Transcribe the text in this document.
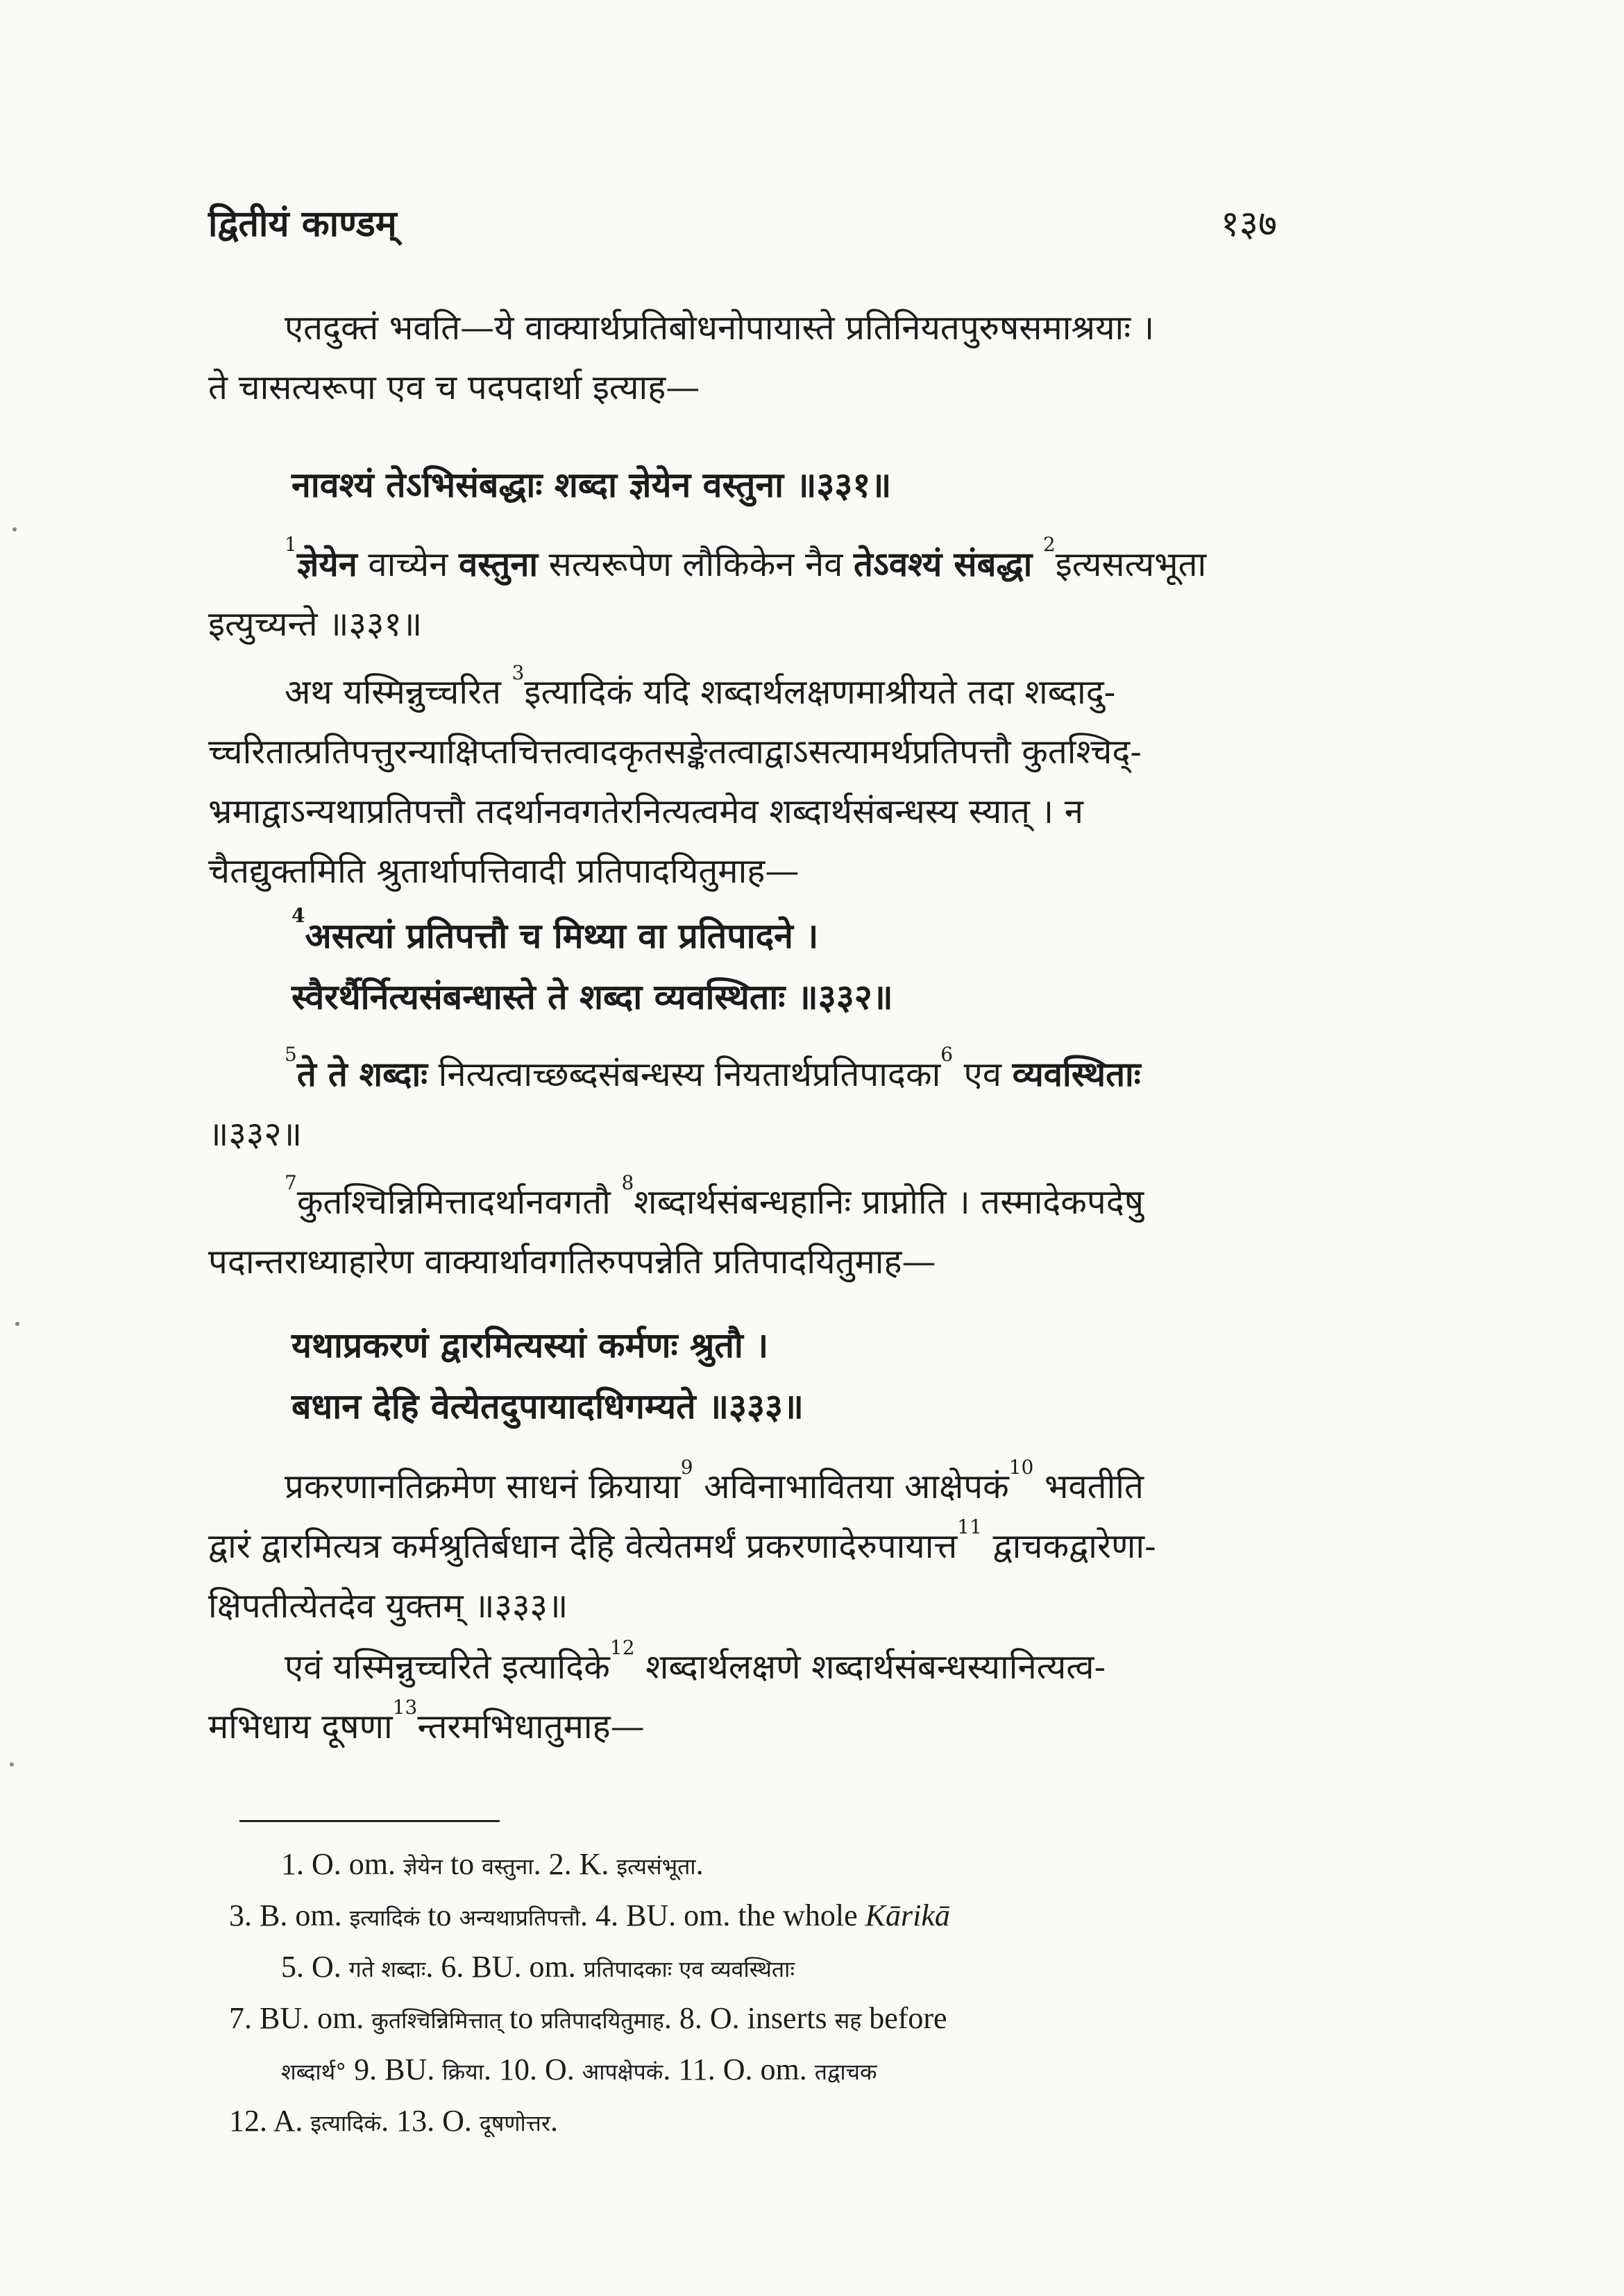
द्वितीयं काण्डम्	१३७
एतदुक्तं भवति—ये वाक्यार्थप्रतिबोधनोपायास्ते प्रतिनियतपुरुषसमाश्रयाः ।
ते चासत्यरूपा एव च पदपदार्था इत्याह—
नावश्यं तेऽभिसंबद्धाः शब्दा ज्ञेयेन वस्तुना ॥३३१॥
$^1$ज्ञेयेन वाच्येन वस्तुना सत्यरूपेण लौकिकेन नैव तेऽवश्यं संबद्धा $^2$इत्यसत्यभूता
इत्युच्यन्ते ॥३३१॥
अथ यस्मिन्नुच्चरित $^3$इत्यादिकं यदि शब्दार्थलक्षणमाश्रीयते तदा शब्दादु-
च्चरितात्प्रतिपत्तुरन्याक्षिप्तचित्तत्वादकृतसङ्केतत्वाद्वाऽसत्यामर्थप्रतिपत्तौ कुतश्चिद्-
भ्रमाद्वाऽन्यथाप्रतिपत्तौ तदर्थानवगतेरनित्यत्वमेव शब्दार्थसंबन्धस्य स्यात् । न
चैतद्युक्तमिति श्रुतार्थापत्तिवादी प्रतिपादयितुमाह—
$^4$असत्यां प्रतिपत्तौ च मिथ्या वा प्रतिपादने ।
स्वैरर्थैर्नित्यसंबन्धास्ते ते शब्दा व्यवस्थिताः ॥३३२॥
$^5$ते ते शब्दाः नित्यत्वाच्छब्दसंबन्धस्य नियतार्थप्रतिपादका$^6$ एव व्यवस्थिताः
॥३३२॥
$^7$कुतश्चिन्निमित्तादर्थानवगतौ $^8$शब्दार्थसंबन्धहानिः प्राप्नोति । तस्मादेकपदेषु
पदान्तराध्याहारेण वाक्यार्थावगतिरुपपन्नेति प्रतिपादयितुमाह—
यथाप्रकरणं द्वारमित्यस्यां कर्मणः श्रुतौ ।
बधान देहि वेत्येतदुपायादधिगम्यते ॥३३३॥
प्रकरणानतिक्रमेण साधनं क्रियाया$^9$ अविनाभावितया आक्षेपकं$^{10}$ भवतीति
द्वारं द्वारमित्यत्र कर्मश्रुतिर्बधान देहि वेत्येतमर्थं प्रकरणादेरुपायात्त$^{11}$ द्वाचकद्वारेणा-
क्षिपतीत्येतदेव युक्तम् ॥३३३॥
एवं यस्मिन्नुच्चरिते इत्यादिके$^{12}$ शब्दार्थलक्षणे शब्दार्थसंबन्धस्यानित्यत्व-
मभिधाय दूषणा$^{13}$न्तरमभिधातुमाह—
1. O. om. ज्ञेयेन to वस्तुना. 2. K. इत्यसंभूता.
3. B. om. इत्यादिकं to अन्यथाप्रतिपत्तौ. 4. BU. om. the whole Kārikā
5. O. गते शब्दाः. 6. BU. om. प्रतिपादकाः एव व्यवस्थिताः
7. BU. om. कुतश्चिन्निमित्तात् to प्रतिपादयितुमाह. 8. O. inserts सह before
शब्दार्थ° 9. BU. क्रिया. 10. O. आपक्षेपकं. 11. O. om. तद्वाचक
12. A. इत्यादिकं. 13. O. दूषणोत्तर.
